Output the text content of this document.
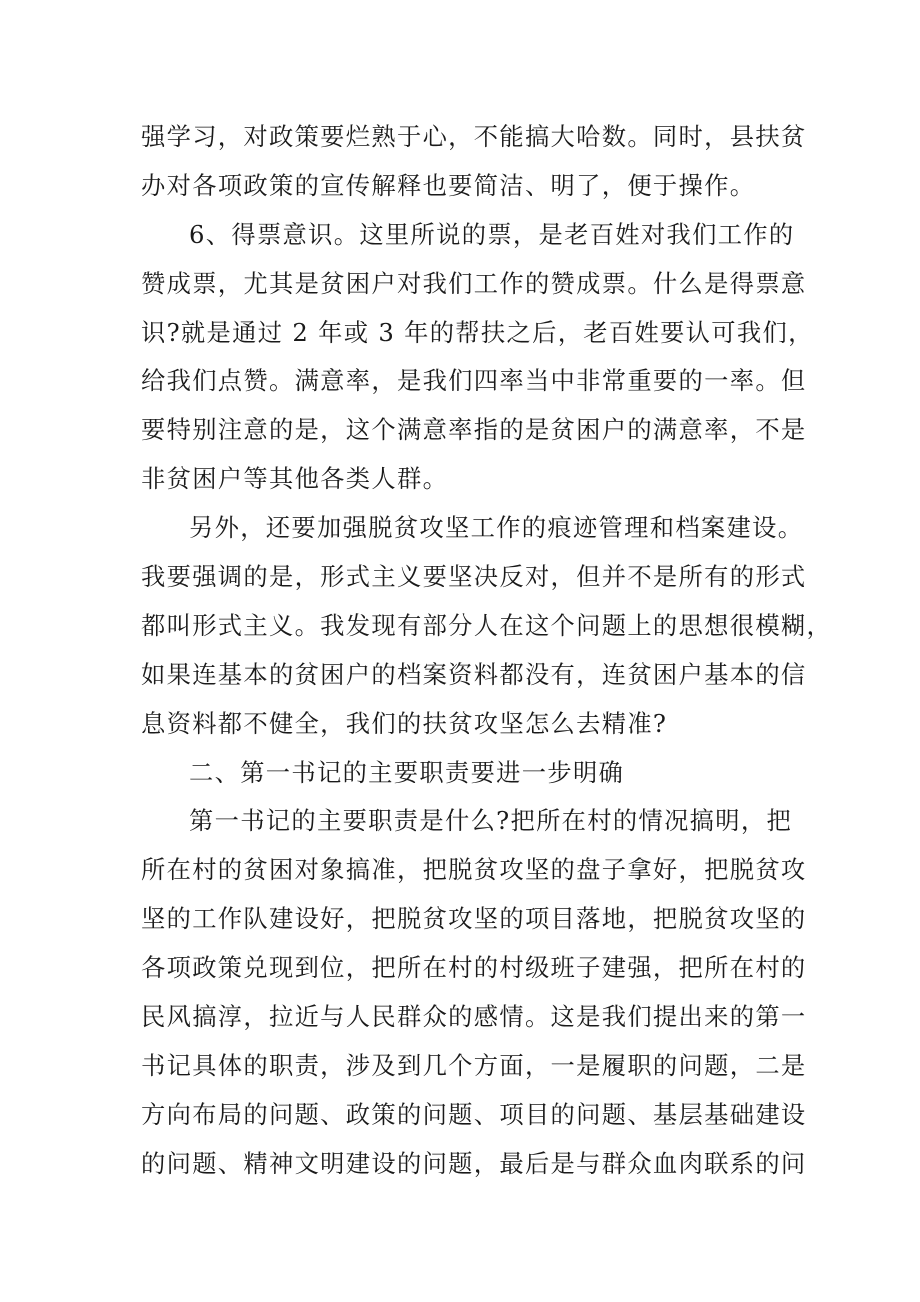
强学习，对政策要烂熟于心，不能搞大哈数。同时，县扶贫
办对各项政策的宣传解释也要简洁、明了，便于操作。
6、得票意识。这里所说的票，是老百姓对我们工作的
赞成票，尤其是贫困户对我们工作的赞成票。什么是得票意
识?就是通过 2 年或 3 年的帮扶之后，老百姓要认可我们，
给我们点赞。满意率，是我们四率当中非常重要的一率。但
要特别注意的是，这个满意率指的是贫困户的满意率，不是
非贫困户等其他各类人群。
另外，还要加强脱贫攻坚工作的痕迹管理和档案建设。
我要强调的是，形式主义要坚决反对，但并不是所有的形式
都叫形式主义。我发现有部分人在这个问题上的思想很模糊，
如果连基本的贫困户的档案资料都没有，连贫困户基本的信
息资料都不健全，我们的扶贫攻坚怎么去精准?
二、第一书记的主要职责要进一步明确
第一书记的主要职责是什么?把所在村的情况搞明，把
所在村的贫困对象搞准，把脱贫攻坚的盘子拿好，把脱贫攻
坚的工作队建设好，把脱贫攻坚的项目落地，把脱贫攻坚的
各项政策兑现到位，把所在村的村级班子建强，把所在村的
民风搞淳，拉近与人民群众的感情。这是我们提出来的第一
书记具体的职责，涉及到几个方面，一是履职的问题，二是
方向布局的问题、政策的问题、项目的问题、基层基础建设
的问题、精神文明建设的问题，最后是与群众血肉联系的问
